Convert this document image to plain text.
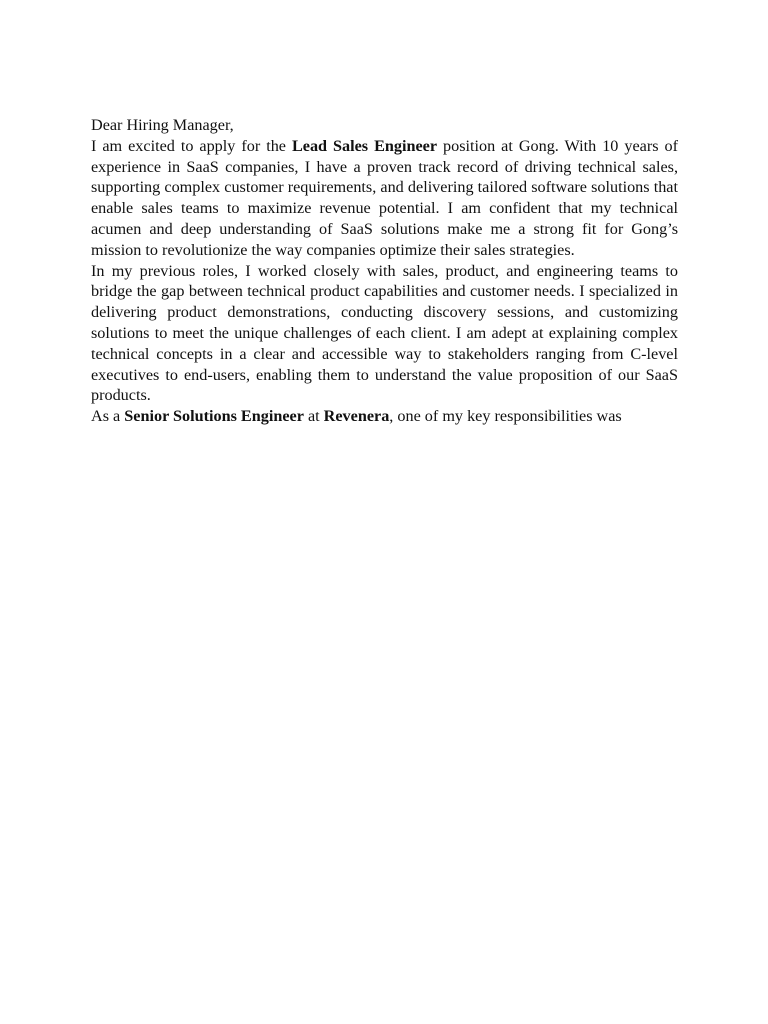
Dear Hiring Manager,

I am excited to apply for the Lead Sales Engineer position at Gong. With 10 years of experience in SaaS companies, I have a proven track record of driving technical sales, supporting complex customer requirements, and delivering tailored software solutions that enable sales teams to maximize revenue potential. I am confident that my technical acumen and deep understanding of SaaS solutions make me a strong fit for Gong’s mission to revolutionize the way companies optimize their sales strategies.

In my previous roles, I worked closely with sales, product, and engineering teams to bridge the gap between technical product capabilities and customer needs. I specialized in delivering product demonstrations, conducting discovery sessions, and customizing solutions to meet the unique challenges of each client. I am adept at explaining complex technical concepts in a clear and accessible way to stakeholders ranging from C-level executives to end-users, enabling them to understand the value proposition of our SaaS products.

As a Senior Solutions Engineer at Revenera, one of my key responsibilities was
